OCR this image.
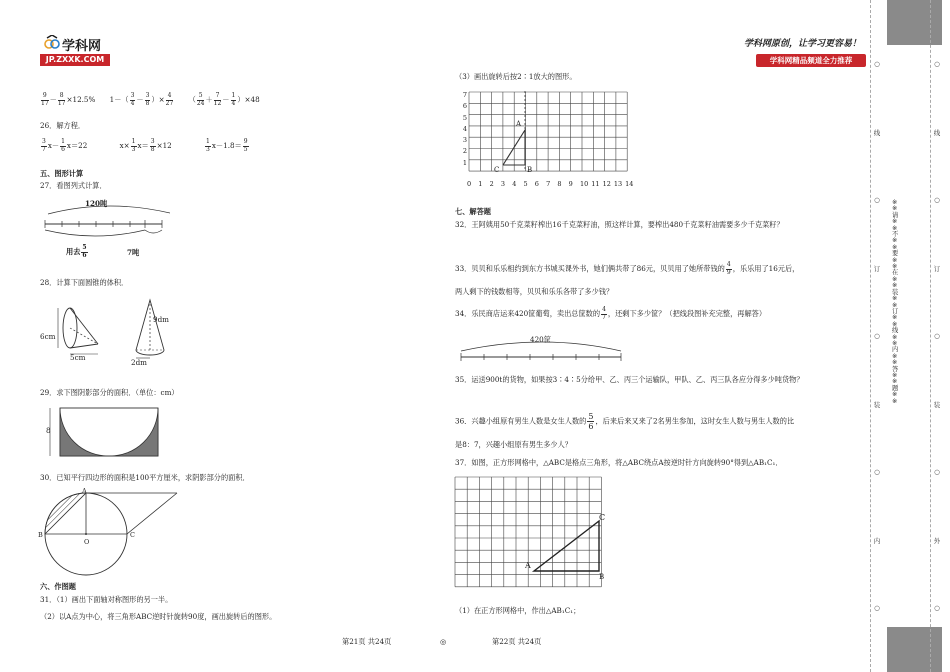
学科网
JP.ZXXK.COM
学科网原创，让学习更容易！
学科网精品频道全力推荐
$\frac{9}{17} - \frac{8}{17} \times 12.5\%$ $1-( \frac{3}{4} - \frac{3}{8}$ ）× $\frac{4}{27}$ （ $\frac{5}{24} + \frac{7}{12} - \frac{1}{4} )\times 48$
26．解方程．
$\frac{3}{7} x- \frac{1}{6} x=22$	$x\times \frac{1}{3} x= \frac{3}{8} \times 12$	$\frac{1}{3} x-1.8= \frac{9}{5}$
五、图形计算
27．看图列式计算．
120吨
用去 $\frac{5}{6}$	7吨
28．计算下面圆锥的体积．
6cm
5cm
9dm
2dm
29．求下图阴影部分的面积．（单位：cm）
8
30．已知平行四边形的面积是100平方厘米，求阴影部分的面积．
A
B	C
O
六、作图题
31．（1）画出下面轴对称图形的另一半。
（2）以A点为中心，将三角形ABC逆时针旋转90度，画出旋转后的图形。
（3）画出旋转后按2∶1放大的图形。
7
6
5
4
3
2
1
0 1 2 3 4 5 6 7 8 9 10 11 12 13 14
A
B
C
七、解答题
32．王阿姨用50千克菜籽榨出16千克菜籽油，照这样计算，要榨出480千克菜籽油需要多少千克菜籽？
33．贝贝和乐乐相约到东方书城买课外书，她们俩共带了86元，贝贝用了她所带钱的 $\frac{4}{9}$ ，乐乐用了16元后，
两人剩下的钱数相等，贝贝和乐乐各带了多少钱？
34．乐民商店运来420筐葡萄，卖出总筐数的 $\frac{4}{7}$ ，还剩下多少筐？（把线段图补充完整，再解答）
420筐
35．运送900t的货物，如果按3∶4∶5分给甲、乙、丙三个运输队，甲队、乙、丙三队各应分得多少吨货物？
36．兴趣小组原有男生人数是女生人数的 $\frac{5}{6}$ ，后来后来又来了2名男生参加，这时女生人数与男生人数的比
是8：7，兴趣小组原有男生多少人？
37．如图，正方形网格中，△ABC是格点三角形，将△ABC绕点A按逆时针方向旋转90°得到△AB₁C₁．
A
B
C
（1）在正方形网格中，作出△AB₁C₁；
第21页 共24页	◎	第22页 共24页
○
线
○
订
○
装
○
内
○
※※请※※不※※要※※在※※装※※订※※线※※内※※答※※题※※
○
线
○
订
○
装
○
外
○
